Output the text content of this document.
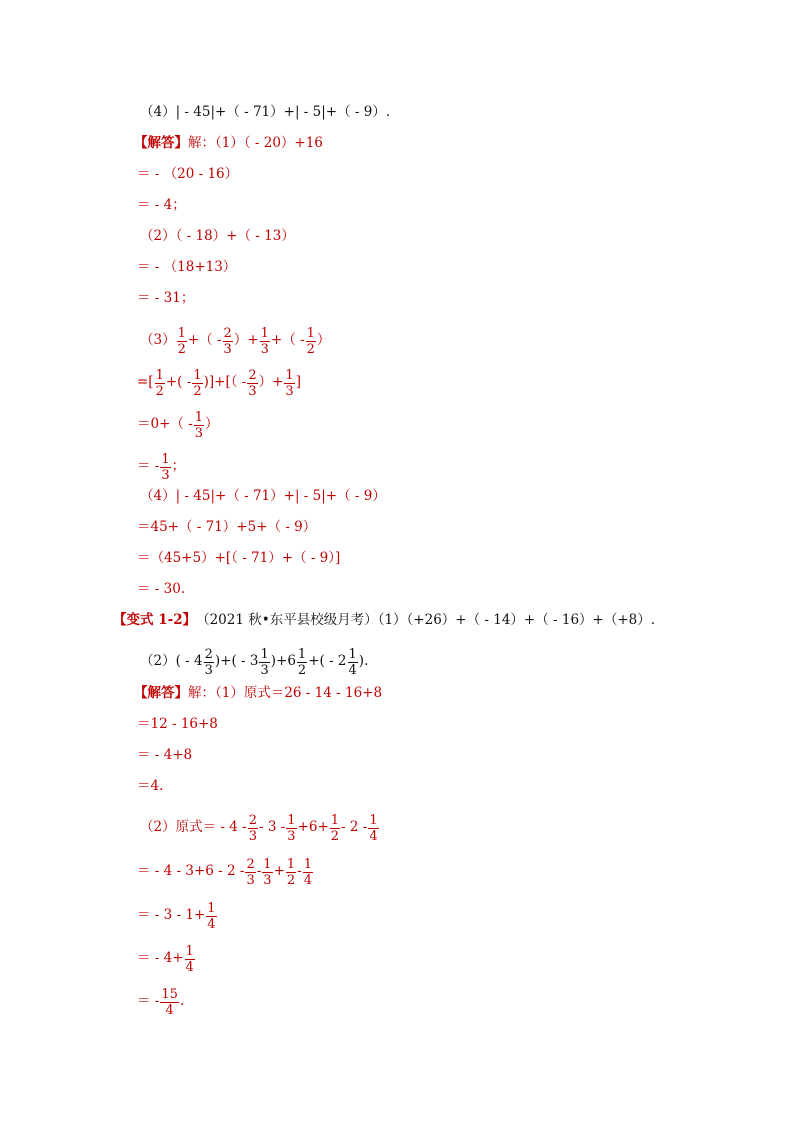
（4）| - 45|+（ - 71）+| - 5|+（ - 9）.
【解答】 解：（1）（ - 20）+16
＝ - （20 - 16）
＝ - 4；
（2）（ - 18）+（ - 13）
＝ - （18+13）
＝ - 31；
$(3) \frac{1}{2}$ +（ - $\frac{2}{3}$ ）+ $\frac{1}{3}$ +（ - $\frac{1}{2}$ ）
=[ $\frac{1}{2}$ +( - $\frac{1}{2}$ )]+[（ - $\frac{2}{3}$ ）+ $\frac{1}{3}$ ]
$=0+( - \frac{1}{3}$ ）
＝ - $\frac{1}{3}$ ；
（4）| - 45|+（ - 71）+| - 5|+（ - 9）
＝45+（ - 71）+5+（ - 9）
＝（45+5）+[（ - 71）+（ - 9）]
＝ - 30.
【变式 1-2】 （2021 秋•东平县校级月考）（1）（+26）+（ - 14）+（ - 16）+（+8）.
（2） ( - $4 \frac{2}{3}$ )+( - $3 \frac{1}{3} )+6 \frac{1}{2}$ +( - $2 \frac{1}{4}$ ).
【解答】 解：（1）原式＝26 - 14 - 16+8
＝12 - 16+8
＝ - 4+8
＝4.
（2）原式＝ - $4 - \frac{2}{3} - 3 - \frac{1}{3} +6+ \frac{1}{2} - 2 - \frac{1}{4}$
＝ - $4 - 3+6 - 2 - \frac{2}{3} - \frac{1}{3} + \frac{1}{2} - \frac{1}{4}$
＝ - $3 - 1+ \frac{1}{4}$
＝ - $4+ \frac{1}{4}$
＝ - $\frac{15}{4}$ .
